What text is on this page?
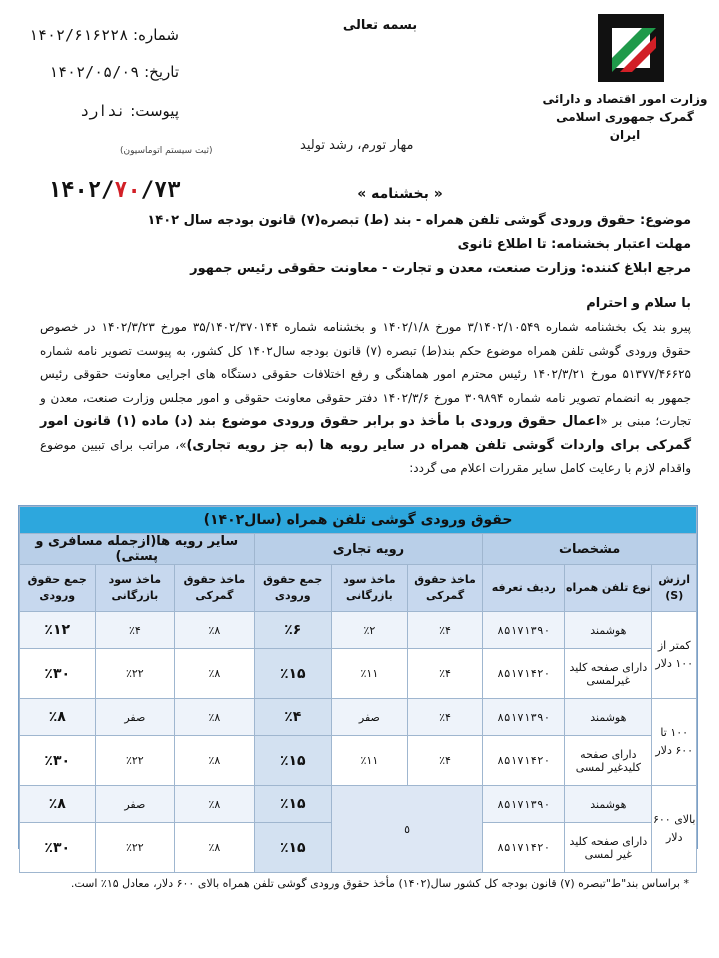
بسمه تعالی
شماره: ۱۴۰۲/۶۱۶۲۲۸
تاریخ: ۱۴۰۲/۰۵/۰۹
پیوست: ندارد
(ثبت سیستم اتوماسیون)
وزارت امور اقتصاد و دارائی
گمرک جمهوری اسلامی ایران
مهار تورم، رشد تولید
« بخشنامه »
۱۴۰۲/۷۰/۷۳
موضوع: حقوق ورودی گوشی تلفن همراه - بند (ط) تبصره(۷) قانون بودجه سال ۱۴۰۲
مهلت اعتبار بخشنامه: تا اطلاع ثانوی
مرجع ابلاغ کننده: وزارت صنعت، معدن و تجارت - معاونت حقوقی رئیس جمهور
با سلام و احترام
پیرو بند یک بخشنامه شماره ۳/۱۴۰۲/۱۰۵۴۹ مورخ ۱۴۰۲/۱/۸ و بخشنامه شماره ۳۵/۱۴۰۲/۳۷۰۱۴۴ مورخ ۱۴۰۲/۳/۲۳ در خصوص حقوق ورودی گوشی تلفن همراه موضوع حکم بند(ط) تبصره (۷) قانون بودجه سال۱۴۰۲ کل کشور، به پیوست تصویر نامه شماره ۵۱۳۷۷/۴۶۶۲۵ مورخ ۱۴۰۲/۳/۲۱ رئیس محترم امور هماهنگی و رفع اختلافات حقوقی دستگاه های اجرایی معاونت حقوقی رئیس جمهور به انضمام تصویر نامه شماره ۳۰۹۸۹۴ مورخ ۱۴۰۲/۳/۶ دفتر حقوقی معاونت حقوقی و امور مجلس وزارت صنعت، معدن و تجارت؛ مبنی بر «اعمال حقوق ورودی با مأخذ دو برابر حقوق ورودی موضوع بند (د) ماده (۱) قانون امور گمرکی برای واردات گوشی تلفن همراه در سایر رویه ها (به جز رویه تجاری)»، مراتب برای تبیین موضوع واقدام لازم با رعایت کامل سایر مقررات اعلام می گردد:
حقوق ورودی گوشی تلفن همراه (سال۱۴۰۲)								
مشخصات			رویه تجاری			سایر رویه ها(ازجمله مسافری و پستی)		
ارزش (S)	نوع تلفن همراه	ردیف تعرفه	ماخذ حقوق گمرکی	ماخذ سود بازرگانی	جمع حقوق ورودی	ماخذ حقوق گمرکی	ماخذ سود بازرگانی	جمع حقوق ورودی
کمتر از ۱۰۰ دلار	هوشمند	۸۵۱۷۱۳۹۰	٪۴	٪۲	٪۶	٪۸	٪۴	٪۱۲
	دارای صفحه کلید غیرلمسی	۸۵۱۷۱۴۲۰	٪۴	٪۱۱	٪۱۵	٪۸	٪۲۲	٪۳۰
۱۰۰ تا ۶۰۰ دلار	هوشمند	۸۵۱۷۱۳۹۰	٪۴	صفر	٪۴	٪۸	صفر	٪۸
	دارای صفحه کلیدغیر لمسی	۸۵۱۷۱۴۲۰	٪۴	٪۱۱	٪۱۵	٪۸	٪۲۲	٪۳۰
بالای ۶۰۰ دلار	هوشمند	۸۵۱۷۱۳۹۰	٥		٪۱۵	٪۸	صفر	٪۸
	دارای صفحه کلید غیر لمسی	۸۵۱۷۱۴۲۰			٪۱۵	٪۸	٪۲۲	٪۳۰
* براساس بند"ط"تبصره (۷) قانون بودجه کل کشور سال(۱۴۰۲) مأخذ حقوق ورودی گوشی تلفن همراه بالای ۶۰۰ دلار، معادل ۱۵٪ است.
